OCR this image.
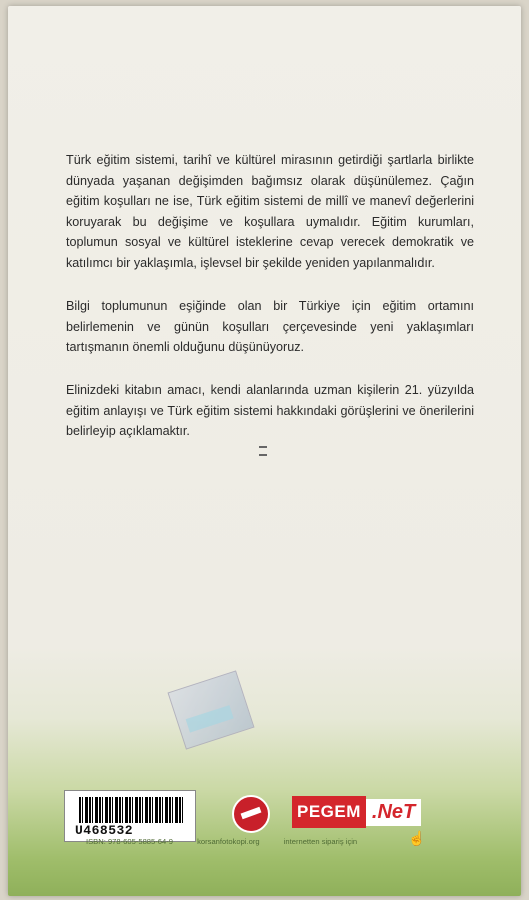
Türk eğitim sistemi, tarihî ve kültürel mirasının getirdiği şartlarla birlikte dünyada yaşanan değişimden bağımsız olarak düşünülemez. Çağın eğitim koşulları ne ise, Türk eğitim sistemi de millî ve manevî değerlerini koruyarak bu değişime ve koşullara uymalıdır. Eğitim kurumları, toplumun sosyal ve kültürel isteklerine cevap verecek demokratik ve katılımcı bir yaklaşımla, işlevsel bir şekilde yeniden yapılanmalıdır.
Bilgi toplumunun eşiğinde olan bir Türkiye için eğitim ortamını belirlemenin ve günün koşulları çerçevesinde yeni yaklaşımları tartışmanın önemli olduğunu düşünüyoruz.
Elinizdeki kitabın amacı, kendi alanlarında uzman kişilerin 21. yüzyılda eğitim anlayışı ve Türk eğitim sistemi hakkındaki görüşlerini ve önerilerini belirleyip açıklamaktır.
U468532
PEGEM .NeT
ISBN: 978-605-5885-64-9	korsanfotokopi.org	internetten sipariş için	☝
